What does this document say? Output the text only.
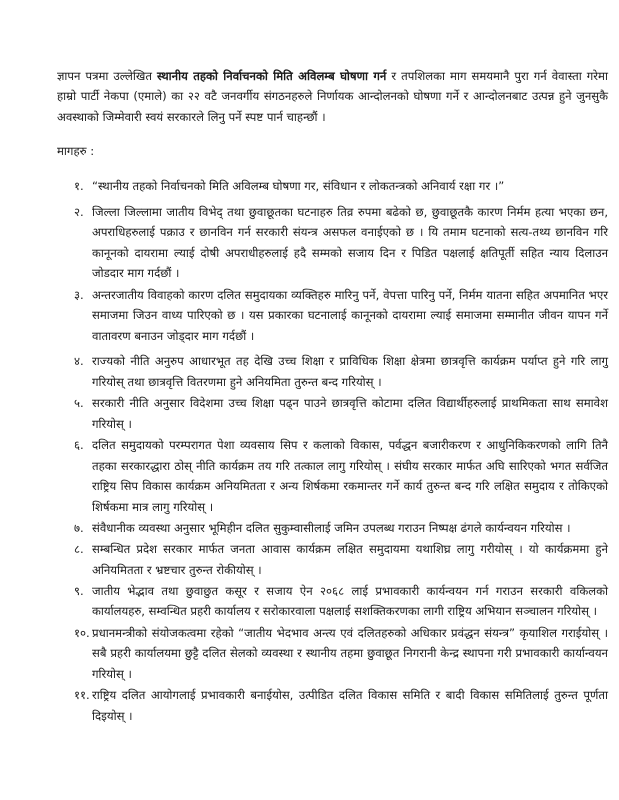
ज्ञापन पत्रमा उल्लेखित स्थानीय तहको निर्वाचनको मिति अविलम्ब घोषणा गर्न र तपशिलका माग समयमानै पुरा गर्न वेवास्ता गरेमा हाम्रो पार्टी नेकपा (एमाले) का २२ वटै जनवर्गीय संगठनहरुले निर्णायक आन्दोलनको घोषणा गर्ने र आन्दोलनबाट उत्पन्न हुने जुनसुकै अवस्थाको जिम्मेवारी स्वयं सरकारले लिनु पर्ने स्पष्ट पार्न चाहन्छौं ।

मागहरु :

१. “स्थानीय तहको निर्वाचनको मिति अविलम्ब घोषणा गर, संविधान र लोकतन्त्रको अनिवार्य रक्षा गर ।”
२. जिल्ला जिल्लामा जातीय विभेद् तथा छुवाछूतका घटनाहरु तिव्र रुपमा बढेको छ, छुवाछूतकै कारण निर्मम हत्या भएका छन, अपराधिहरुलाई पक्राउ र छानविन गर्न सरकारी संयन्त्र असफल वनाईएको छ । यि तमाम घटनाको सत्य-तथ्य छानविन गरि कानूनको दायरामा ल्याई दोषी अपराधीहरुलाई हदै सम्मको सजाय दिन र पिडित पक्षलाई क्षतिपूर्ती सहित न्याय दिलाउन जोडदार माग गर्दछौं ।
३. अन्तरजातीय विवाहको कारण दलित समुदायका व्यक्तिहरु मारिनु पर्ने, वेपत्ता पारिनु पर्ने, निर्मम यातना सहित अपमानित भएर समाजमा जिउन वाध्य पारिएको छ । यस प्रकारका घटनालाई कानूनको दायरामा ल्याई समाजमा सम्मानीत जीवन यापन गर्ने वातावरण बनाउन जोड्दार माग गर्दछौं ।
४. राज्यको नीति अनुरुप आधारभूत तह देखि उच्च शिक्षा र प्राविधिक शिक्षा क्षेत्रमा छात्रवृत्ति कार्यक्रम पर्याप्त हुने गरि लागु गरियोस् तथा छात्रवृत्ति वितरणमा हुने अनियमिता तुरुन्त बन्द गरियोस् ।
५. सरकारी नीति अनुसार विदेशमा उच्च शिक्षा पढ्न पाउने छात्रवृत्ति कोटामा दलित विद्यार्थीहरुलाई प्राथमिकता साथ समावेश गरियोस् ।
६. दलित समुदायको परम्परागत पेशा व्यवसाय सिप र कलाको विकास, पर्वद्धन बजारीकरण र आधुनिकिकरणको लागि तिनै तहका सरकारद्धारा ठोस् नीति कार्यक्रम तय गरि तत्काल लागु गरियोस् । संघीय सरकार मार्फत अघि सारिएको भगत सर्वजित राष्ट्रिय सिप विकास कार्यक्रम अनियमितता र अन्य शिर्षकमा रकमान्तर गर्ने कार्य तुरुन्त बन्द गरि लक्षित समुदाय र तोकिएको शिर्षकमा मात्र लागु गरियोस् ।
७. संवैधानीक व्यवस्था अनुसार भूमिहीन दलित सुकुम्वासीलाई जमिन उपलब्ध गराउन निष्पक्ष ढंगले कार्यन्वयन गरियोस ।
८. सम्बन्धित प्रदेश सरकार मार्फत जनता आवास कार्यक्रम लक्षित समुदायमा यथाशिघ्र लागु गरीयोस् । यो कार्यक्रममा हुने अनियमितता र भ्रष्टचार तुरुन्त रोकीयोस् ।
९. जातीय भेद्भाव तथा छुवाछुत कसूर र सजाय ऐन २०६८ लाई प्रभावकारी कार्यन्वयन गर्न गराउन सरकारी वकिलको कार्यालयहरु, सम्वन्धित प्रहरी कार्यालय र सरोकारवाला पक्षलाई सशक्तिकरणका लागी राष्ट्रिय अभियान सञ्चालन गरियोस् ।
१०. प्रधानमन्त्रीको संयोजकत्वमा रहेको “जातीय भेदभाव अन्त्य एवं दलितहरुको अधिकार प्रवंद्धन संयन्त्र” कृयाशिल गराईयोस् । सबै प्रहरी कार्यालयमा छुट्टै दलित सेलको व्यवस्था र स्थानीय तहमा छुवाछूत निगरानी केन्द्र स्थापना गरी प्रभावकारी कार्यान्वयन गरियोस् ।
११. राष्ट्रिय दलित आयोगलाई प्रभावकारी बनाईयोस, उत्पीडित दलित विकास समिति र बादी विकास समितिलाई तुरुन्त पूर्णता दिइयोस् ।
